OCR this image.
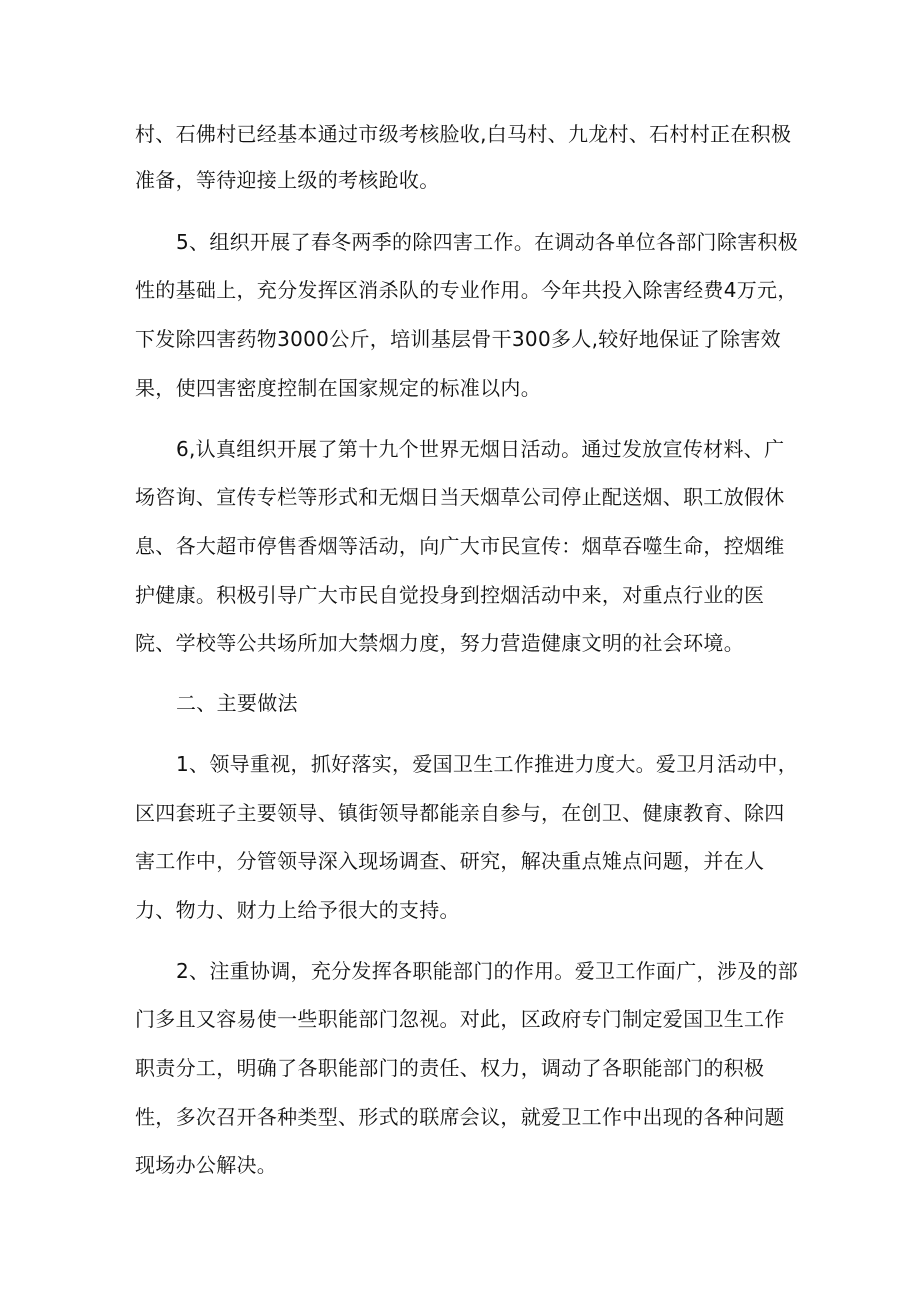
村、石佛村已经基本通过市级考核脸收,白马村、九龙村、石村村正在积极
准备，等待迎接上级的考核跄收。
5、组织开展了春冬两季的除四害工作。在调动各单位各部门除害积极
性的基础上，充分发挥区消杀队的专业作用。今年共投入除害经费4万元，
下发除四害药物3000公斤，培训基层骨干300多人,较好地保证了除害效
果，使四害密度控制在国家规定的标准以内。
6,认真组织开展了第十九个世界无烟日活动。通过发放宣传材料、广
场咨询、宣传专栏等形式和无烟日当天烟草公司停止配送烟、职工放假休
息、各大超市停售香烟等活动，向广大市民宣传：烟草吞噬生命，控烟维
护健康。积极引导广大市民自觉投身到控烟活动中来，对重点行业的医
院、学校等公共场所加大禁烟力度，努力营造健康文明的社会环境。
二、主要做法
1、领导重视，抓好落实，爱国卫生工作推进力度大。爱卫月活动中，
区四套班子主要领导、镇街领导都能亲自参与，在创卫、健康教育、除四
害工作中，分管领导深入现场调查、研究，解决重点雉点问题，并在人
力、物力、财力上给予很大的支持。
2、注重协调，充分发挥各职能部门的作用。爱卫工作面广，涉及的部
门多且又容易使一些职能部门忽视。对此，区政府专门制定爱国卫生工作
职责分工，明确了各职能部门的责任、权力，调动了各职能部门的积极
性，多次召开各种类型、形式的联席会议，就爱卫工作中出现的各种问题
现场办公解决。
